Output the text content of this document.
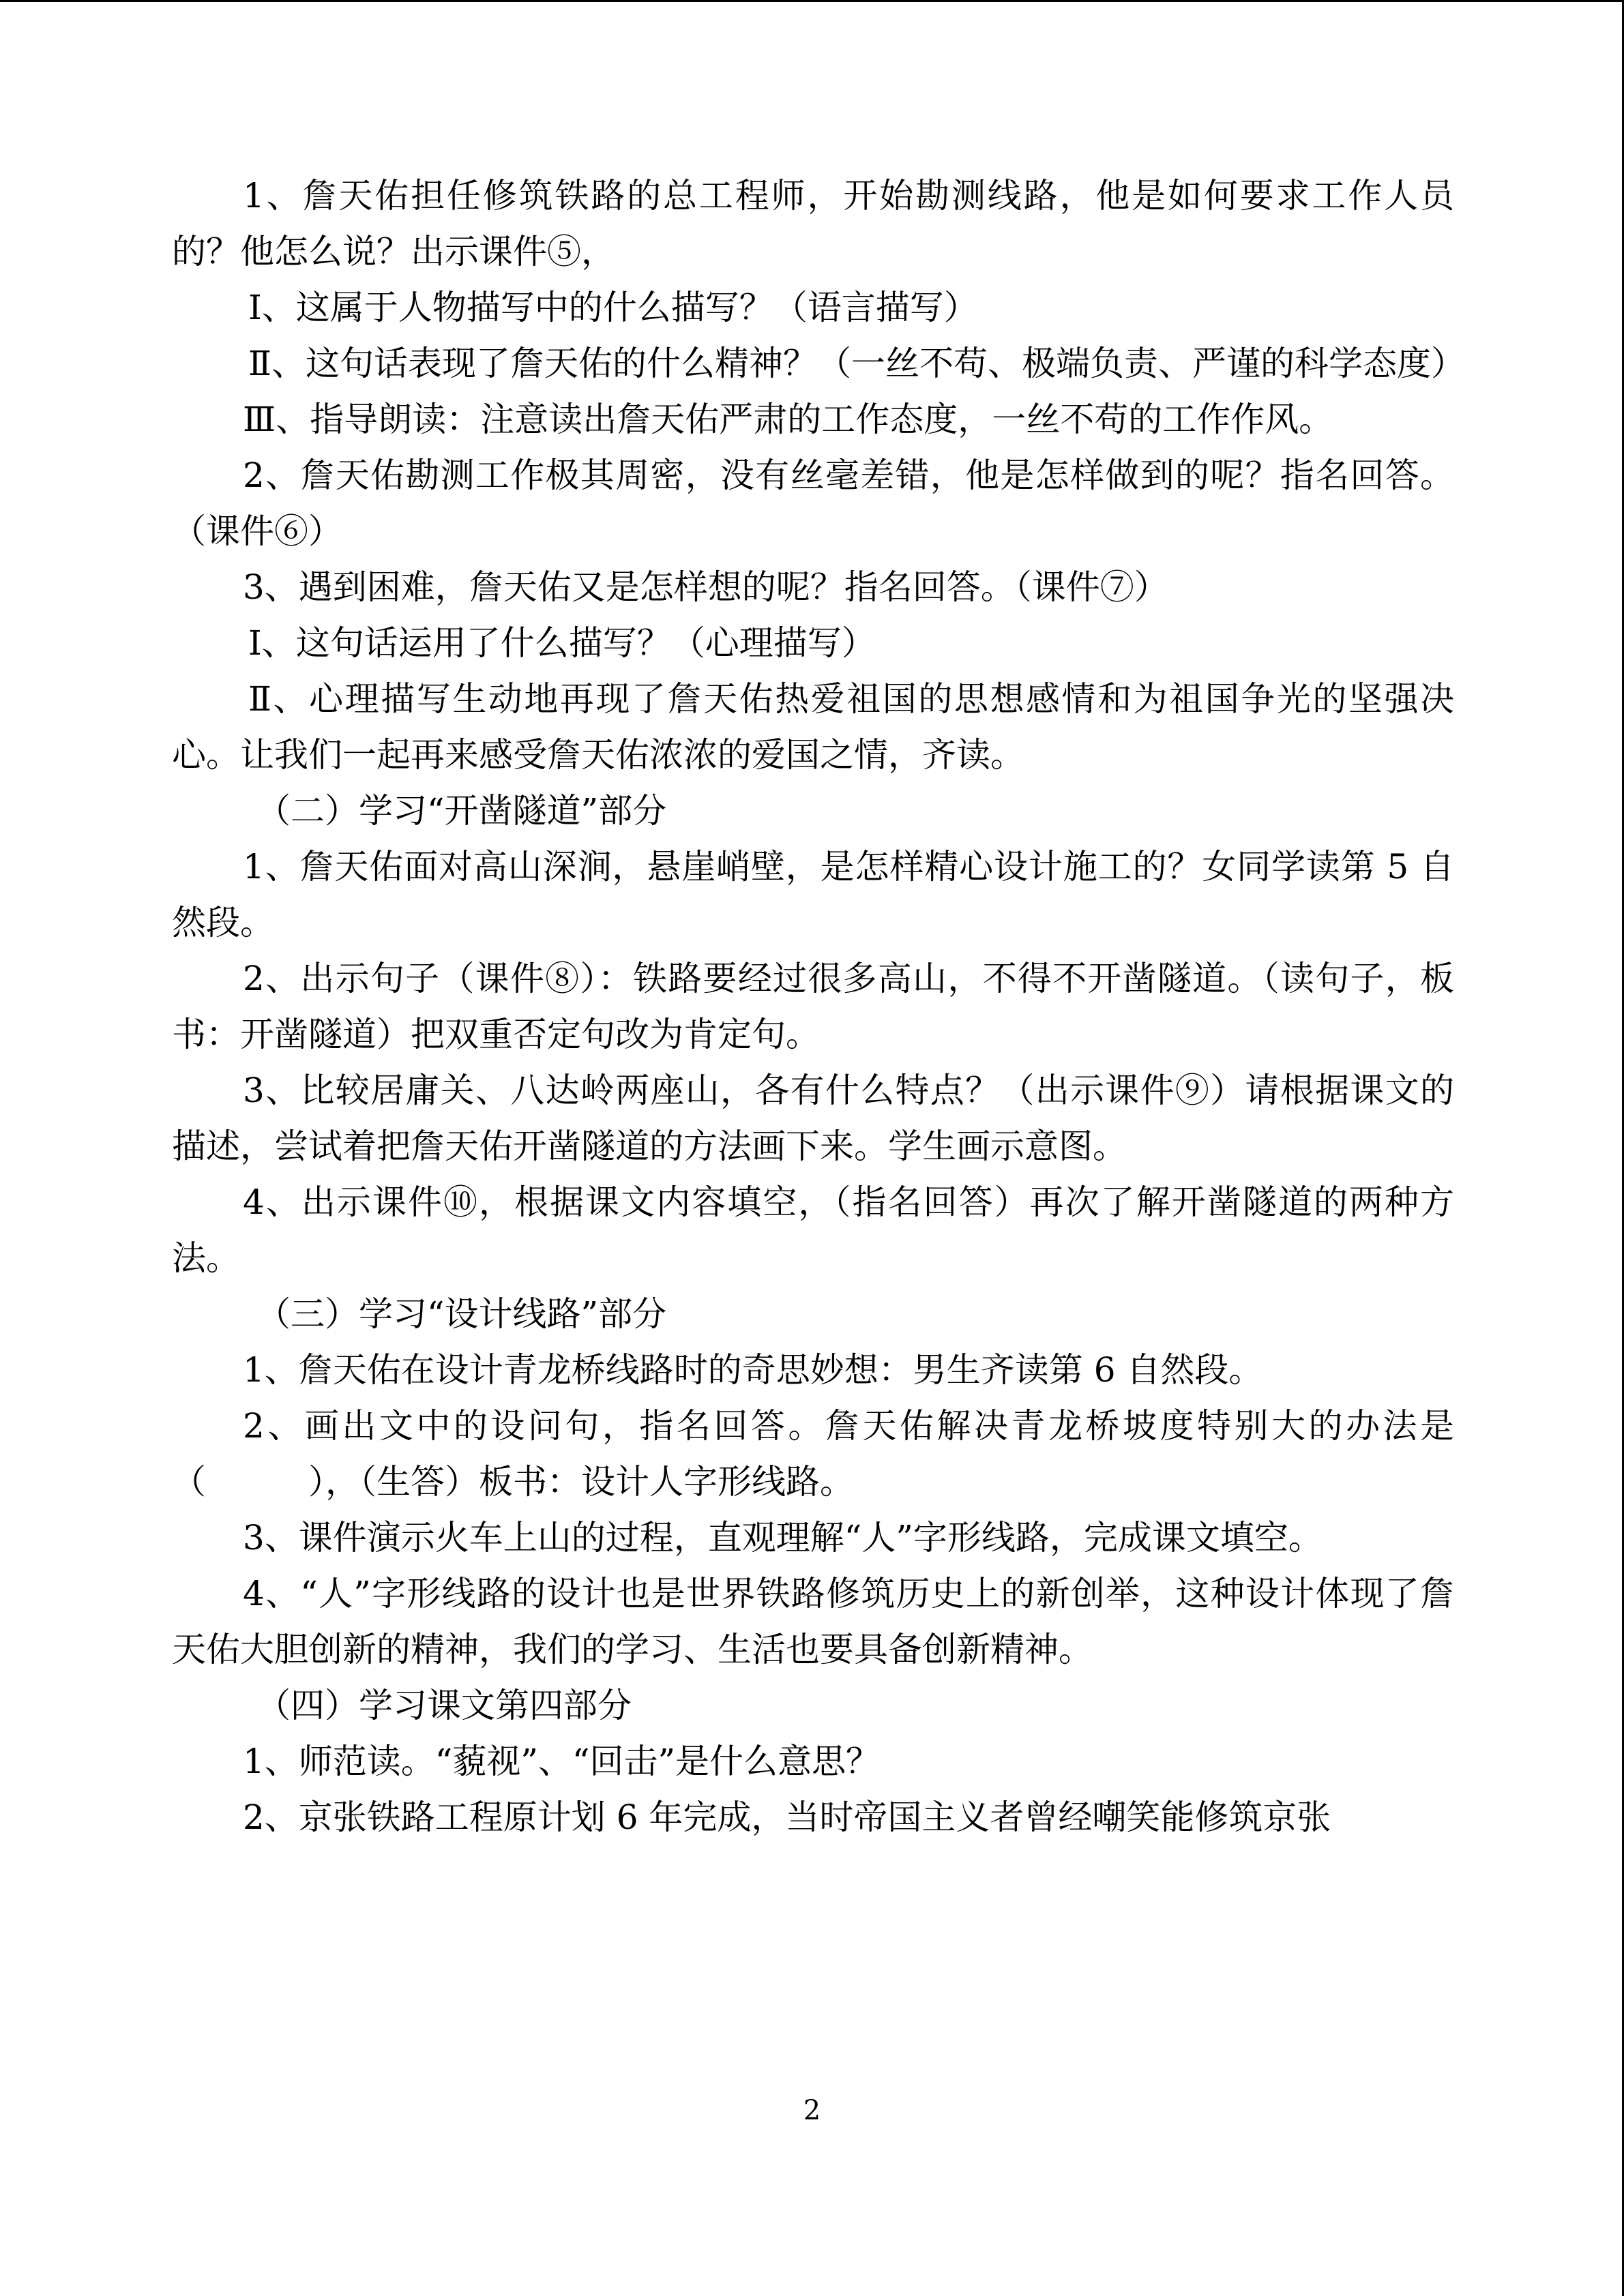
1、詹天佑担任修筑铁路的总工程师，开始勘测线路，他是如何要求工作人员的？他怎么说？出示课件⑤，

Ⅰ、这属于人物描写中的什么描写？（语言描写）

Ⅱ、这句话表现了詹天佑的什么精神？（一丝不苟、极端负责、严谨的科学态度）

Ⅲ、指导朗读：注意读出詹天佑严肃的工作态度，一丝不苟的工作作风。

2、詹天佑勘测工作极其周密，没有丝毫差错，他是怎样做到的呢？指名回答。（课件⑥）

3、遇到困难，詹天佑又是怎样想的呢？指名回答。（课件⑦）

Ⅰ、这句话运用了什么描写？（心理描写）

Ⅱ、心理描写生动地再现了詹天佑热爱祖国的思想感情和为祖国争光的坚强决心。让我们一起再来感受詹天佑浓浓的爱国之情，齐读。

（二）学习“开凿隧道”部分

1、詹天佑面对高山深涧，悬崖峭壁，是怎样精心设计施工的？女同学读第 5 自然段。

2、出示句子（课件⑧）：铁路要经过很多高山，不得不开凿隧道。（读句子，板书：开凿隧道）把双重否定句改为肯定句。

3、比较居庸关、八达岭两座山，各有什么特点？（出示课件⑨）请根据课文的描述，尝试着把詹天佑开凿隧道的方法画下来。学生画示意图。

4、出示课件⑩，根据课文内容填空，（指名回答）再次了解开凿隧道的两种方法。

（三）学习“设计线路”部分

1、詹天佑在设计青龙桥线路时的奇思妙想：男生齐读第 6 自然段。

2、画出文中的设问句，指名回答。詹天佑解决青龙桥坡度特别大的办法是（　　　），（生答）板书：设计人字形线路。

3、课件演示火车上山的过程，直观理解“人”字形线路，完成课文填空。

4、“人”字形线路的设计也是世界铁路修筑历史上的新创举，这种设计体现了詹天佑大胆创新的精神，我们的学习、生活也要具备创新精神。

（四）学习课文第四部分

1、师范读。“藐视”、“回击”是什么意思？

2、京张铁路工程原计划 6 年完成，当时帝国主义者曾经嘲笑能修筑京张

2
